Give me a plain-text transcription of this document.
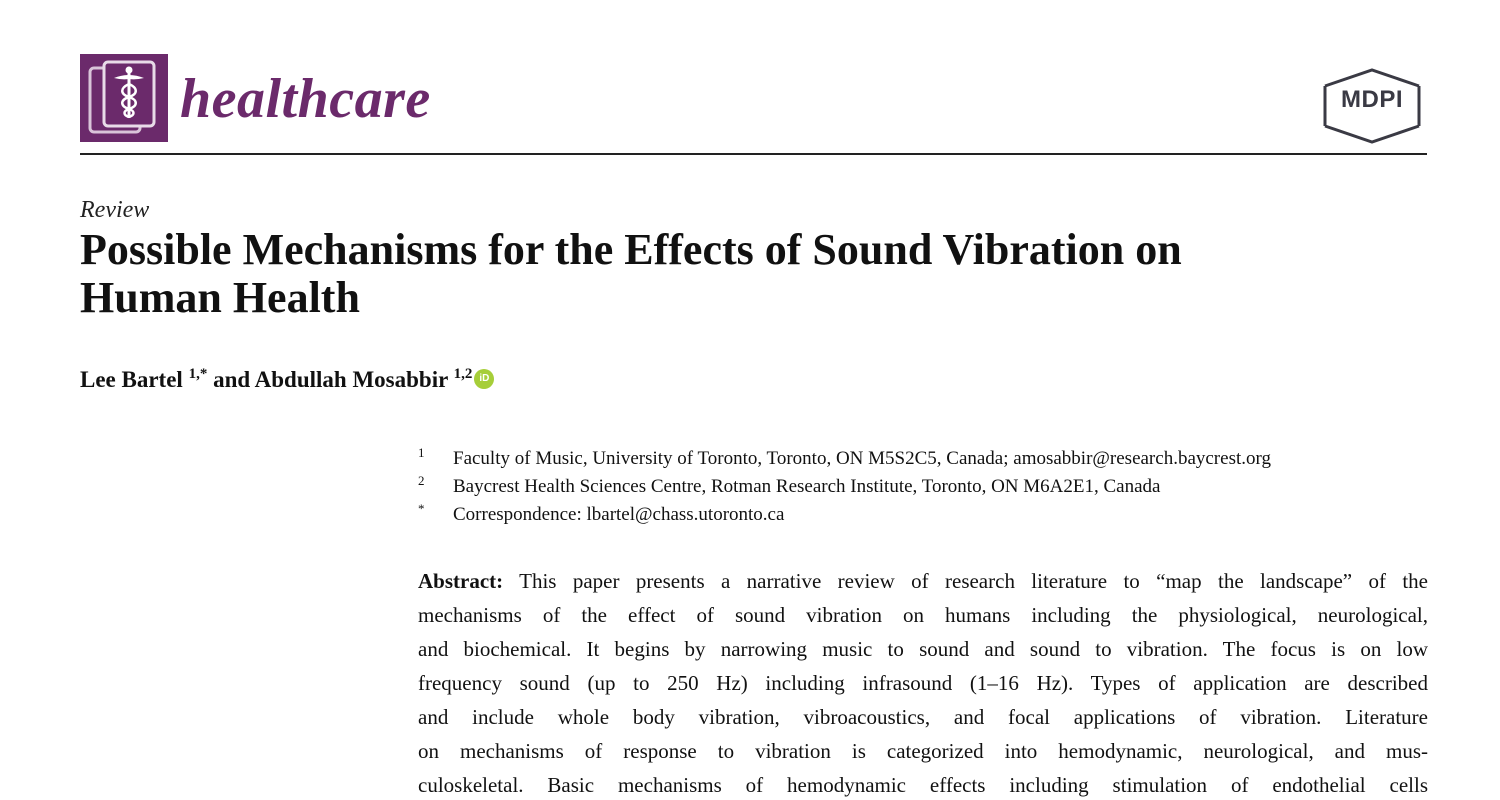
healthcare	MDPI
Review
Possible Mechanisms for the Effects of Sound Vibration on
Human Health
Lee Bartel $^{1,*}$ and Abdullah Mosabbir $^{1,2}$ iD
1 Faculty of Music, University of Toronto, Toronto, ON M5S2C5, Canada; amosabbir@research.baycrest.org
2 Baycrest Health Sciences Centre, Rotman Research Institute, Toronto, ON M6A2E1, Canada
* Correspondence: lbartel@chass.utoronto.ca
Abstract: This paper presents a narrative review of research literature to “map the landscape” of the
mechanisms of the effect of sound vibration on humans including the physiological, neurological,
and biochemical. It begins by narrowing music to sound and sound to vibration. The focus is on low
frequency sound (up to 250 Hz) including infrasound (1–16 Hz). Types of application are described
and include whole body vibration, vibroacoustics, and focal applications of vibration. Literature
on mechanisms of response to vibration is categorized into hemodynamic, neurological, and mus-
culoskeletal. Basic mechanisms of hemodynamic effects including stimulation of endothelial cells
